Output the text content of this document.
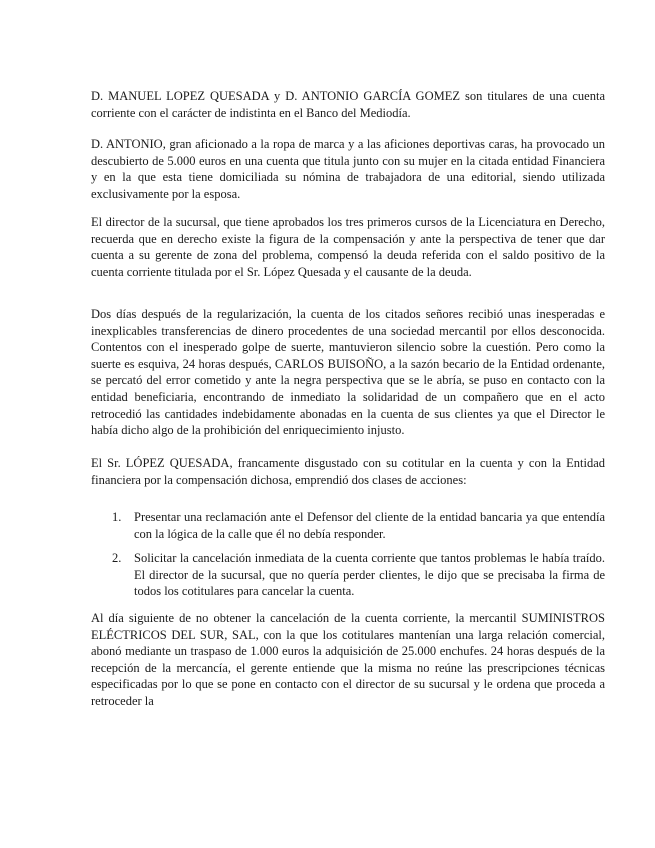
D. MANUEL LOPEZ QUESADA y D. ANTONIO GARCÍA GOMEZ son titulares de una cuenta corriente con el carácter de indistinta en el Banco del Mediodía.

D. ANTONIO, gran aficionado a la ropa de marca y a las aficiones deportivas caras, ha provocado un descubierto de 5.000 euros en una cuenta que titula junto con su mujer en la citada entidad Financiera y en la que esta tiene domiciliada su nómina de trabajadora de una editorial, siendo utilizada exclusivamente por la esposa.

El director de la sucursal, que tiene aprobados los tres primeros cursos de la Licenciatura en Derecho, recuerda que en derecho existe la figura de la compensación y ante la perspectiva de tener que dar cuenta a su gerente de zona del problema, compensó la deuda referida con el saldo positivo de la cuenta corriente titulada por el Sr. López Quesada y el causante de la deuda.

Dos días después de la regularización, la cuenta de los citados señores recibió unas inesperadas e inexplicables transferencias de dinero procedentes de una sociedad mercantil por ellos desconocida. Contentos con el inesperado golpe de suerte, mantuvieron silencio sobre la cuestión. Pero como la suerte es esquiva, 24 horas después, CARLOS BUISOÑO, a la sazón becario de la Entidad ordenante, se percató del error cometido y ante la negra perspectiva que se le abría, se puso en contacto con la entidad beneficiaria, encontrando de inmediato la solidaridad de un compañero que en el acto retrocedió las cantidades indebidamente abonadas en la cuenta de sus clientes ya que el Director le había dicho algo de la prohibición del enriquecimiento injusto.

El Sr. LÓPEZ QUESADA, francamente disgustado con su cotitular en la cuenta y con la Entidad financiera por la compensación dichosa, emprendió dos clases de acciones:

1. Presentar una reclamación ante el Defensor del cliente de la entidad bancaria ya que entendía con la lógica de la calle que él no debía responder.
2. Solicitar la cancelación inmediata de la cuenta corriente que tantos problemas le había traído. El director de la sucursal, que no quería perder clientes, le dijo que se precisaba la firma de todos los cotitulares para cancelar la cuenta.

Al día siguiente de no obtener la cancelación de la cuenta corriente, la mercantil SUMINISTROS ELÉCTRICOS DEL SUR, SAL, con la que los cotitulares mantenían una larga relación comercial, abonó mediante un traspaso de 1.000 euros la adquisición de 25.000 enchufes. 24 horas después de la recepción de la mercancía, el gerente entiende que la misma no reúne las prescripciones técnicas especificadas por lo que se pone en contacto con el director de su sucursal y le ordena que proceda a retroceder la
